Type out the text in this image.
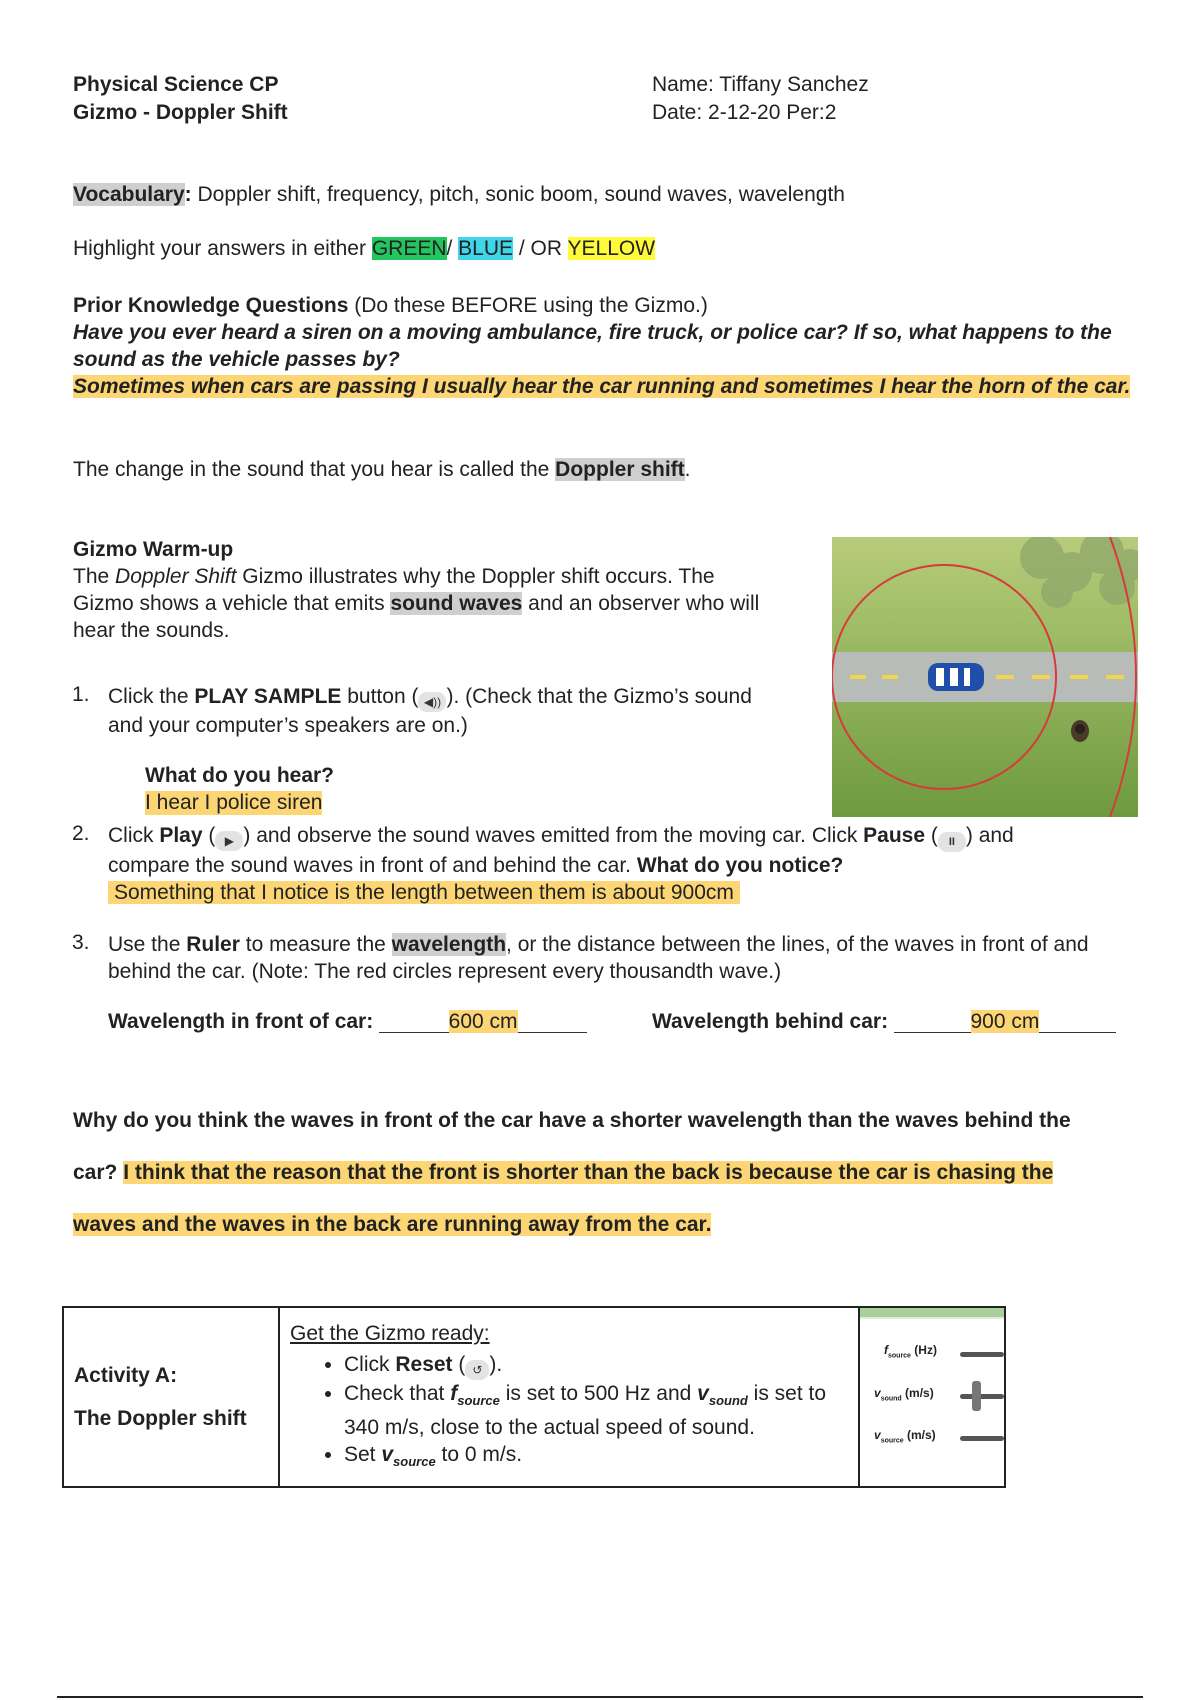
Physical Science CP
Gizmo - Doppler Shift
Name: Tiffany Sanchez
Date: 2-12-20 Per:2
Vocabulary: Doppler shift, frequency, pitch, sonic boom, sound waves, wavelength
Highlight your answers in either GREEN/ BLUE / OR YELLOW
Prior Knowledge Questions (Do these BEFORE using the Gizmo.)
Have you ever heard a siren on a moving ambulance, fire truck, or police car? If so, what happens to the sound as the vehicle passes by?
Sometimes when cars are passing I usually hear the car running and sometimes I hear the horn of the car.
The change in the sound that you hear is called the Doppler shift.
Gizmo Warm-up
The Doppler Shift Gizmo illustrates why the Doppler shift occurs. The
Gizmo shows a vehicle that emits sound waves and an observer who will
hear the sounds.
1. Click the PLAY SAMPLE button ( ◀)) ). (Check that the Gizmo’s sound
and your computer’s speakers are on.)
What do you hear?
I hear I police siren
2. Click Play ( ▶ ) and observe the sound waves emitted from the moving car. Click Pause ( II ) and
compare the sound waves in front of and behind the car. What do you notice?
Something that I notice is the length between them is about 900cm
3. Use the Ruler to measure the wavelength, or the distance between the lines, of the waves in front of and
behind the car. (Note: The red circles represent every thousandth wave.)
Wavelength in front of car:	600 cm	Wavelength behind car:	900 cm
Why do you think the waves in front of the car have a shorter wavelength than the waves behind the
car? I think that the reason that the front is shorter than the back is because the car is chasing the
waves and the waves in the back are running away from the car.
Activity A:
The Doppler shift

Get the Gizmo ready:
• Click Reset ( ↺ ).
• Check that $f_{source}$ is set to 500 Hz and $v_{sound}$ is set to 340 m/s, close to the actual speed of sound.
• Set $v_{source}$ to 0 m/s.

$f_{source}$ (Hz)
$v_{sound}$ (m/s)
$v_{source}$ (m/s)
